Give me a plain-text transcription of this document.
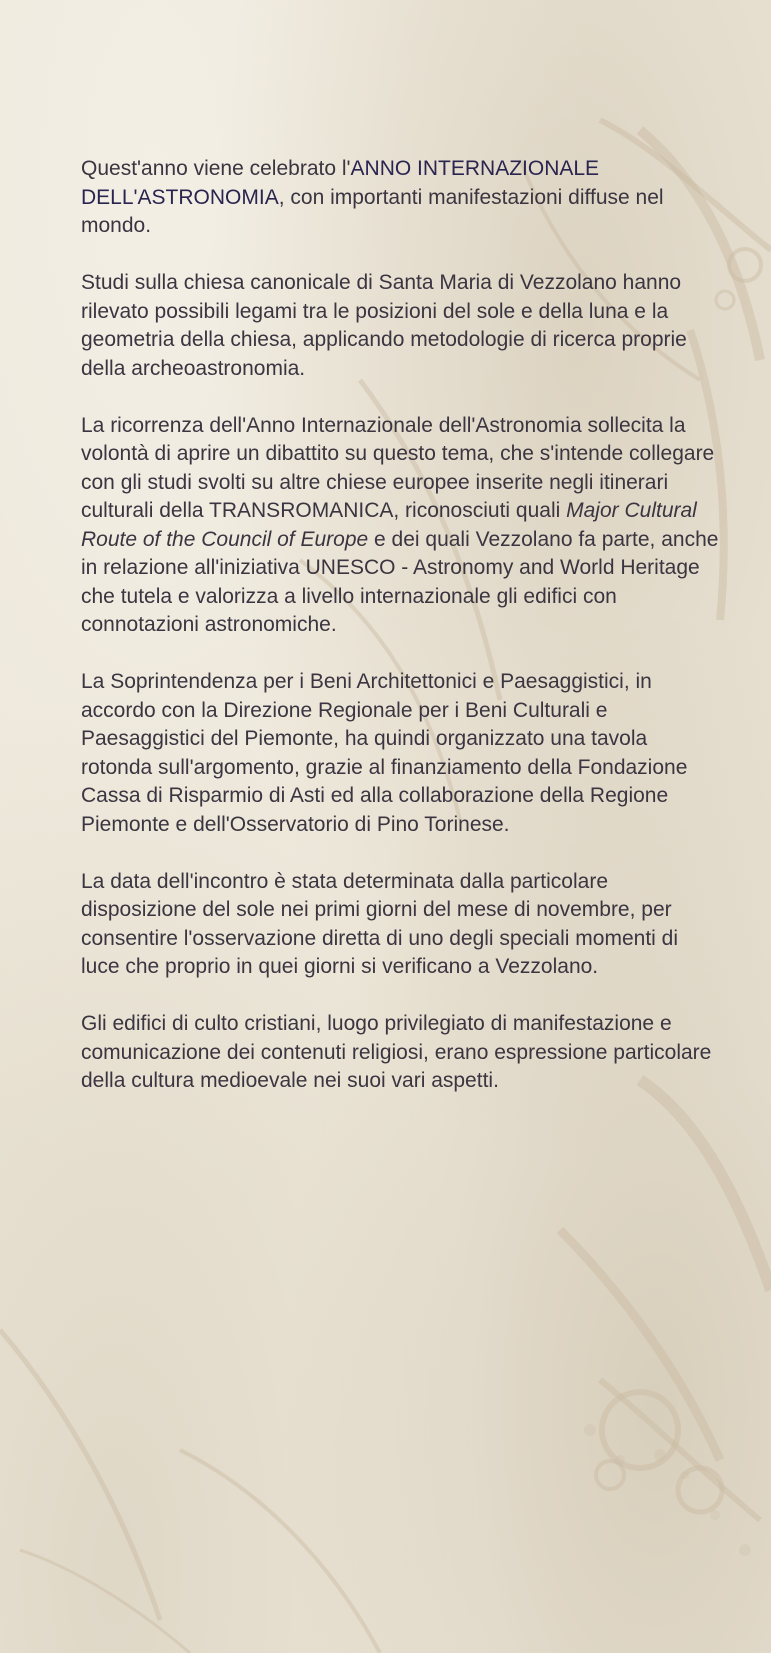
Quest'anno viene celebrato l'ANNO INTERNAZIONALE DELL'ASTRONOMIA, con importanti manifestazioni diffuse nel mondo.

Studi sulla chiesa canonicale di Santa Maria di Vezzolano hanno rilevato possibili legami tra le posizioni del sole e della luna e la geometria della chiesa, applicando metodologie di ricerca proprie della archeoastronomia.

La ricorrenza dell'Anno Internazionale dell'Astronomia sollecita la volontà di aprire un dibattito su questo tema, che s'intende collegare con gli studi svolti su altre chiese europee inserite negli itinerari culturali della TRANSROMANICA, riconosciuti quali Major Cultural Route of the Council of Europe e dei quali Vezzolano fa parte, anche in relazione all'iniziativa UNESCO - Astronomy and World Heritage che tutela e valorizza a livello internazionale gli edifici con connotazioni astronomiche.

La Soprintendenza per i Beni Architettonici e Paesaggistici, in accordo con la Direzione Regionale per i Beni Culturali e Paesaggistici del Piemonte, ha quindi organizzato una tavola rotonda sull'argomento, grazie al finanziamento della Fondazione Cassa di Risparmio di Asti ed alla collaborazione della Regione Piemonte e dell'Osservatorio di Pino Torinese.

La data dell'incontro è stata determinata dalla particolare disposizione del sole nei primi giorni del mese di novembre, per consentire l'osservazione diretta di uno degli speciali momenti di luce che proprio in quei giorni si verificano a Vezzolano.

Gli edifici di culto cristiani, luogo privilegiato di manifestazione e comunicazione dei contenuti religiosi, erano espressione particolare della cultura medioevale nei suoi vari aspetti.
